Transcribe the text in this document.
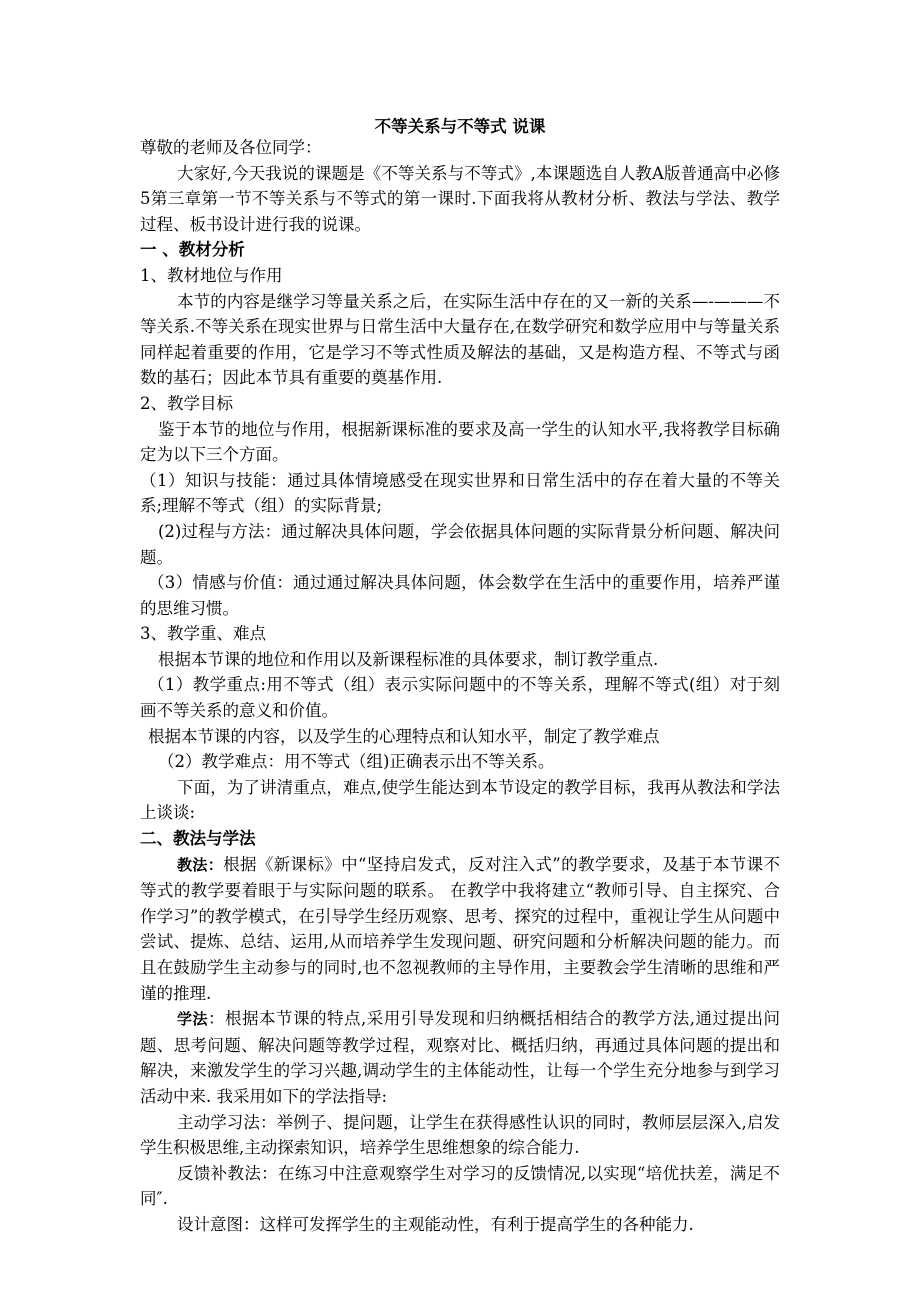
不等关系与不等式 说课

尊敬的老师及各位同学：

大家好,今天我说的课题是《不等关系与不等式》,本课题选自人教A版普通高中必修5第三章第一节不等关系与不等式的第一课时.下面我将从教材分析、教法与学法、教学过程、板书设计进行我的说课。

一 、教材分析

1、教材地位与作用

本节的内容是继学习等量关系之后，在实际生活中存在的又一新的关系—-———不等关系.不等关系在现实世界与日常生活中大量存在,在数学研究和数学应用中与等量关系同样起着重要的作用，它是学习不等式性质及解法的基础，又是构造方程、不等式与函数的基石；因此本节具有重要的奠基作用.

2、教学目标

鉴于本节的地位与作用，根据新课标准的要求及高一学生的认知水平,我将教学目标确定为以下三个方面。

（1）知识与技能：通过具体情境感受在现实世界和日常生活中的存在着大量的不等关系;理解不等式（组）的实际背景;

(2)过程与方法：通过解决具体问题，学会依据具体问题的实际背景分析问题、解决问题。

（3）情感与价值：通过通过解决具体问题，体会数学在生活中的重要作用，培养严谨的思维习惯。

3、教学重、难点

根据本节课的地位和作用以及新课程标准的具体要求，制订教学重点.

（1）教学重点:用不等式（组）表示实际问题中的不等关系，理解不等式(组）对于刻画不等关系的意义和价值。

根据本节课的内容，以及学生的心理特点和认知水平，制定了教学难点

（2）教学难点：用不等式（组)正确表示出不等关系。

下面，为了讲清重点，难点,使学生能达到本节设定的教学目标，我再从教法和学法上谈谈:

二、教法与学法

教法：根据《新课标》中“坚持启发式，反对注入式”的教学要求，及基于本节课不等式的教学要着眼于与实际问题的联系。 在教学中我将建立“教师引导、自主探究、合作学习”的教学模式，在引导学生经历观察、思考、探究的过程中，重视让学生从问题中尝试、提炼、总结、运用,从而培养学生发现问题、研究问题和分析解决问题的能力。而且在鼓励学生主动参与的同时,也不忽视教师的主导作用，主要教会学生清晰的思维和严谨的推理.

学法：根据本节课的特点,采用引导发现和归纳概括相结合的教学方法,通过提出问题、思考问题、解决问题等教学过程，观察对比、概括归纳，再通过具体问题的提出和解决，来激发学生的学习兴趣,调动学生的主体能动性，让每一个学生充分地参与到学习活动中来. 我采用如下的学法指导:

主动学习法：举例子、提问题，让学生在获得感性认识的同时，教师层层深入,启发学生积极思维,主动探索知识，培养学生思维想象的综合能力.

反馈补教法：在练习中注意观察学生对学习的反馈情况,以实现“培优扶差，满足不同″.

设计意图：这样可发挥学生的主观能动性，有利于提高学生的各种能力.
